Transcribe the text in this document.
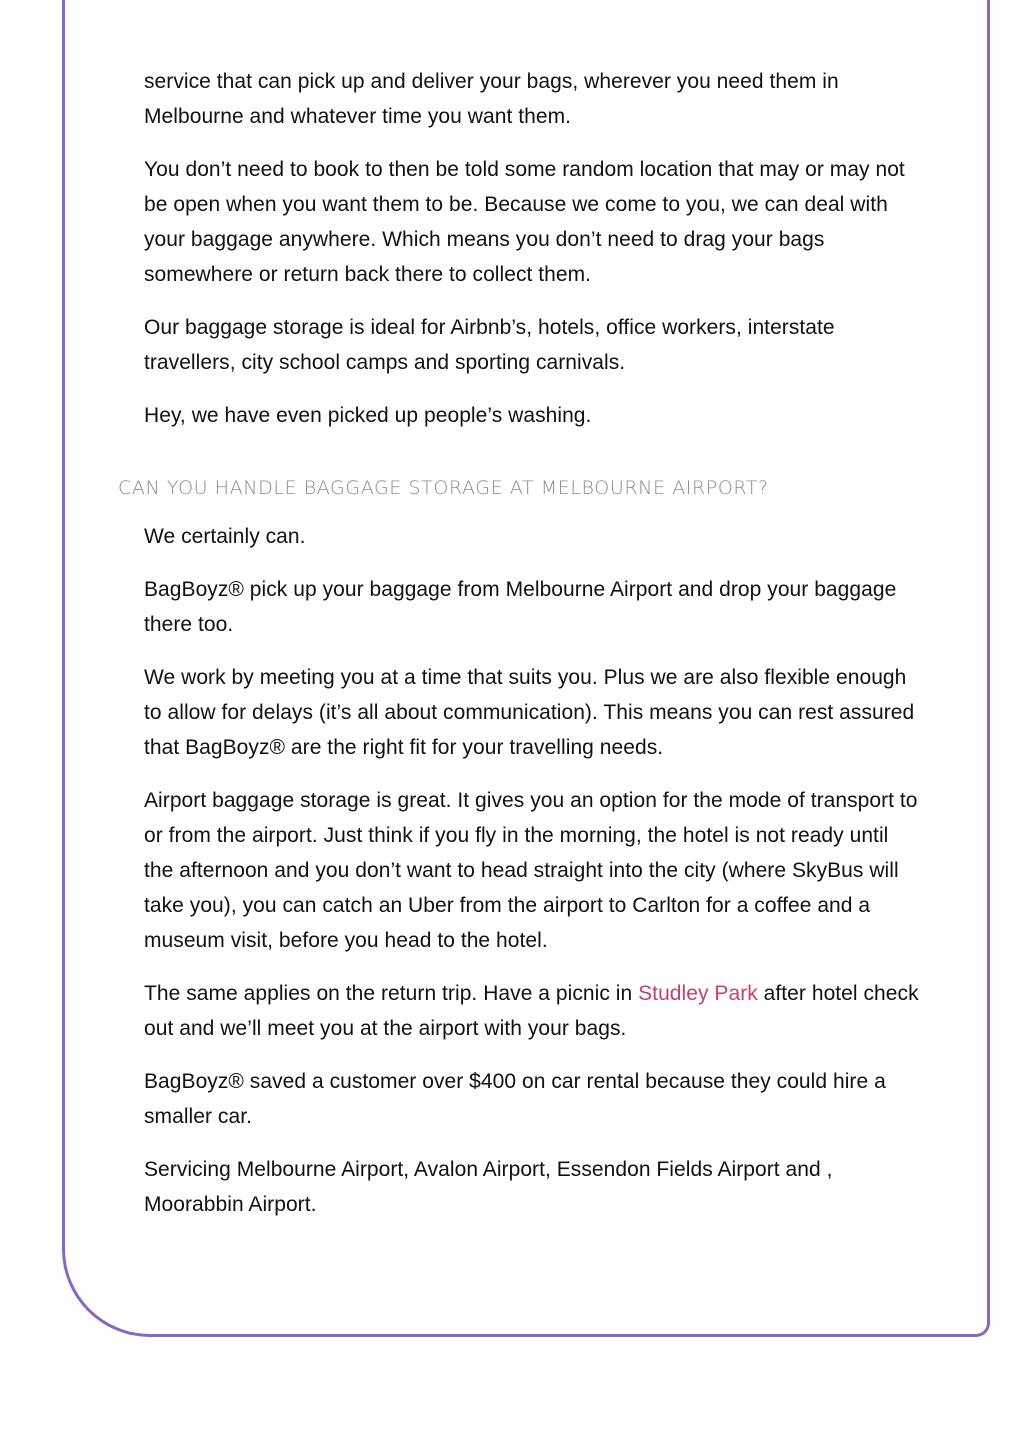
service that can pick up and deliver your bags, wherever you need them in Melbourne and whatever time you want them.

You don’t need to book to then be told some random location that may or may not be open when you want them to be. Because we come to you, we can deal with your baggage anywhere. Which means you don’t need to drag your bags somewhere or return back there to collect them.

Our baggage storage is ideal for Airbnb’s, hotels, office workers, interstate travellers, city school camps and sporting carnivals.

Hey, we have even picked up people’s washing.

CAN YOU HANDLE BAGGAGE STORAGE AT MELBOURNE AIRPORT?

We certainly can.

BagBoyz® pick up your baggage from Melbourne Airport and drop your baggage there too.

We work by meeting you at a time that suits you. Plus we are also flexible enough to allow for delays (it’s all about communication). This means you can rest assured that BagBoyz® are the right fit for your travelling needs.

Airport baggage storage is great. It gives you an option for the mode of transport to or from the airport. Just think if you fly in the morning, the hotel is not ready until the afternoon and you don’t want to head straight into the city (where SkyBus will take you), you can catch an Uber from the airport to Carlton for a coffee and a museum visit, before you head to the hotel.

The same applies on the return trip. Have a picnic in Studley Park after hotel check out and we’ll meet you at the airport with your bags.

BagBoyz® saved a customer over $400 on car rental because they could hire a smaller car.

Servicing Melbourne Airport, Avalon Airport, Essendon Fields Airport and , Moorabbin Airport.
